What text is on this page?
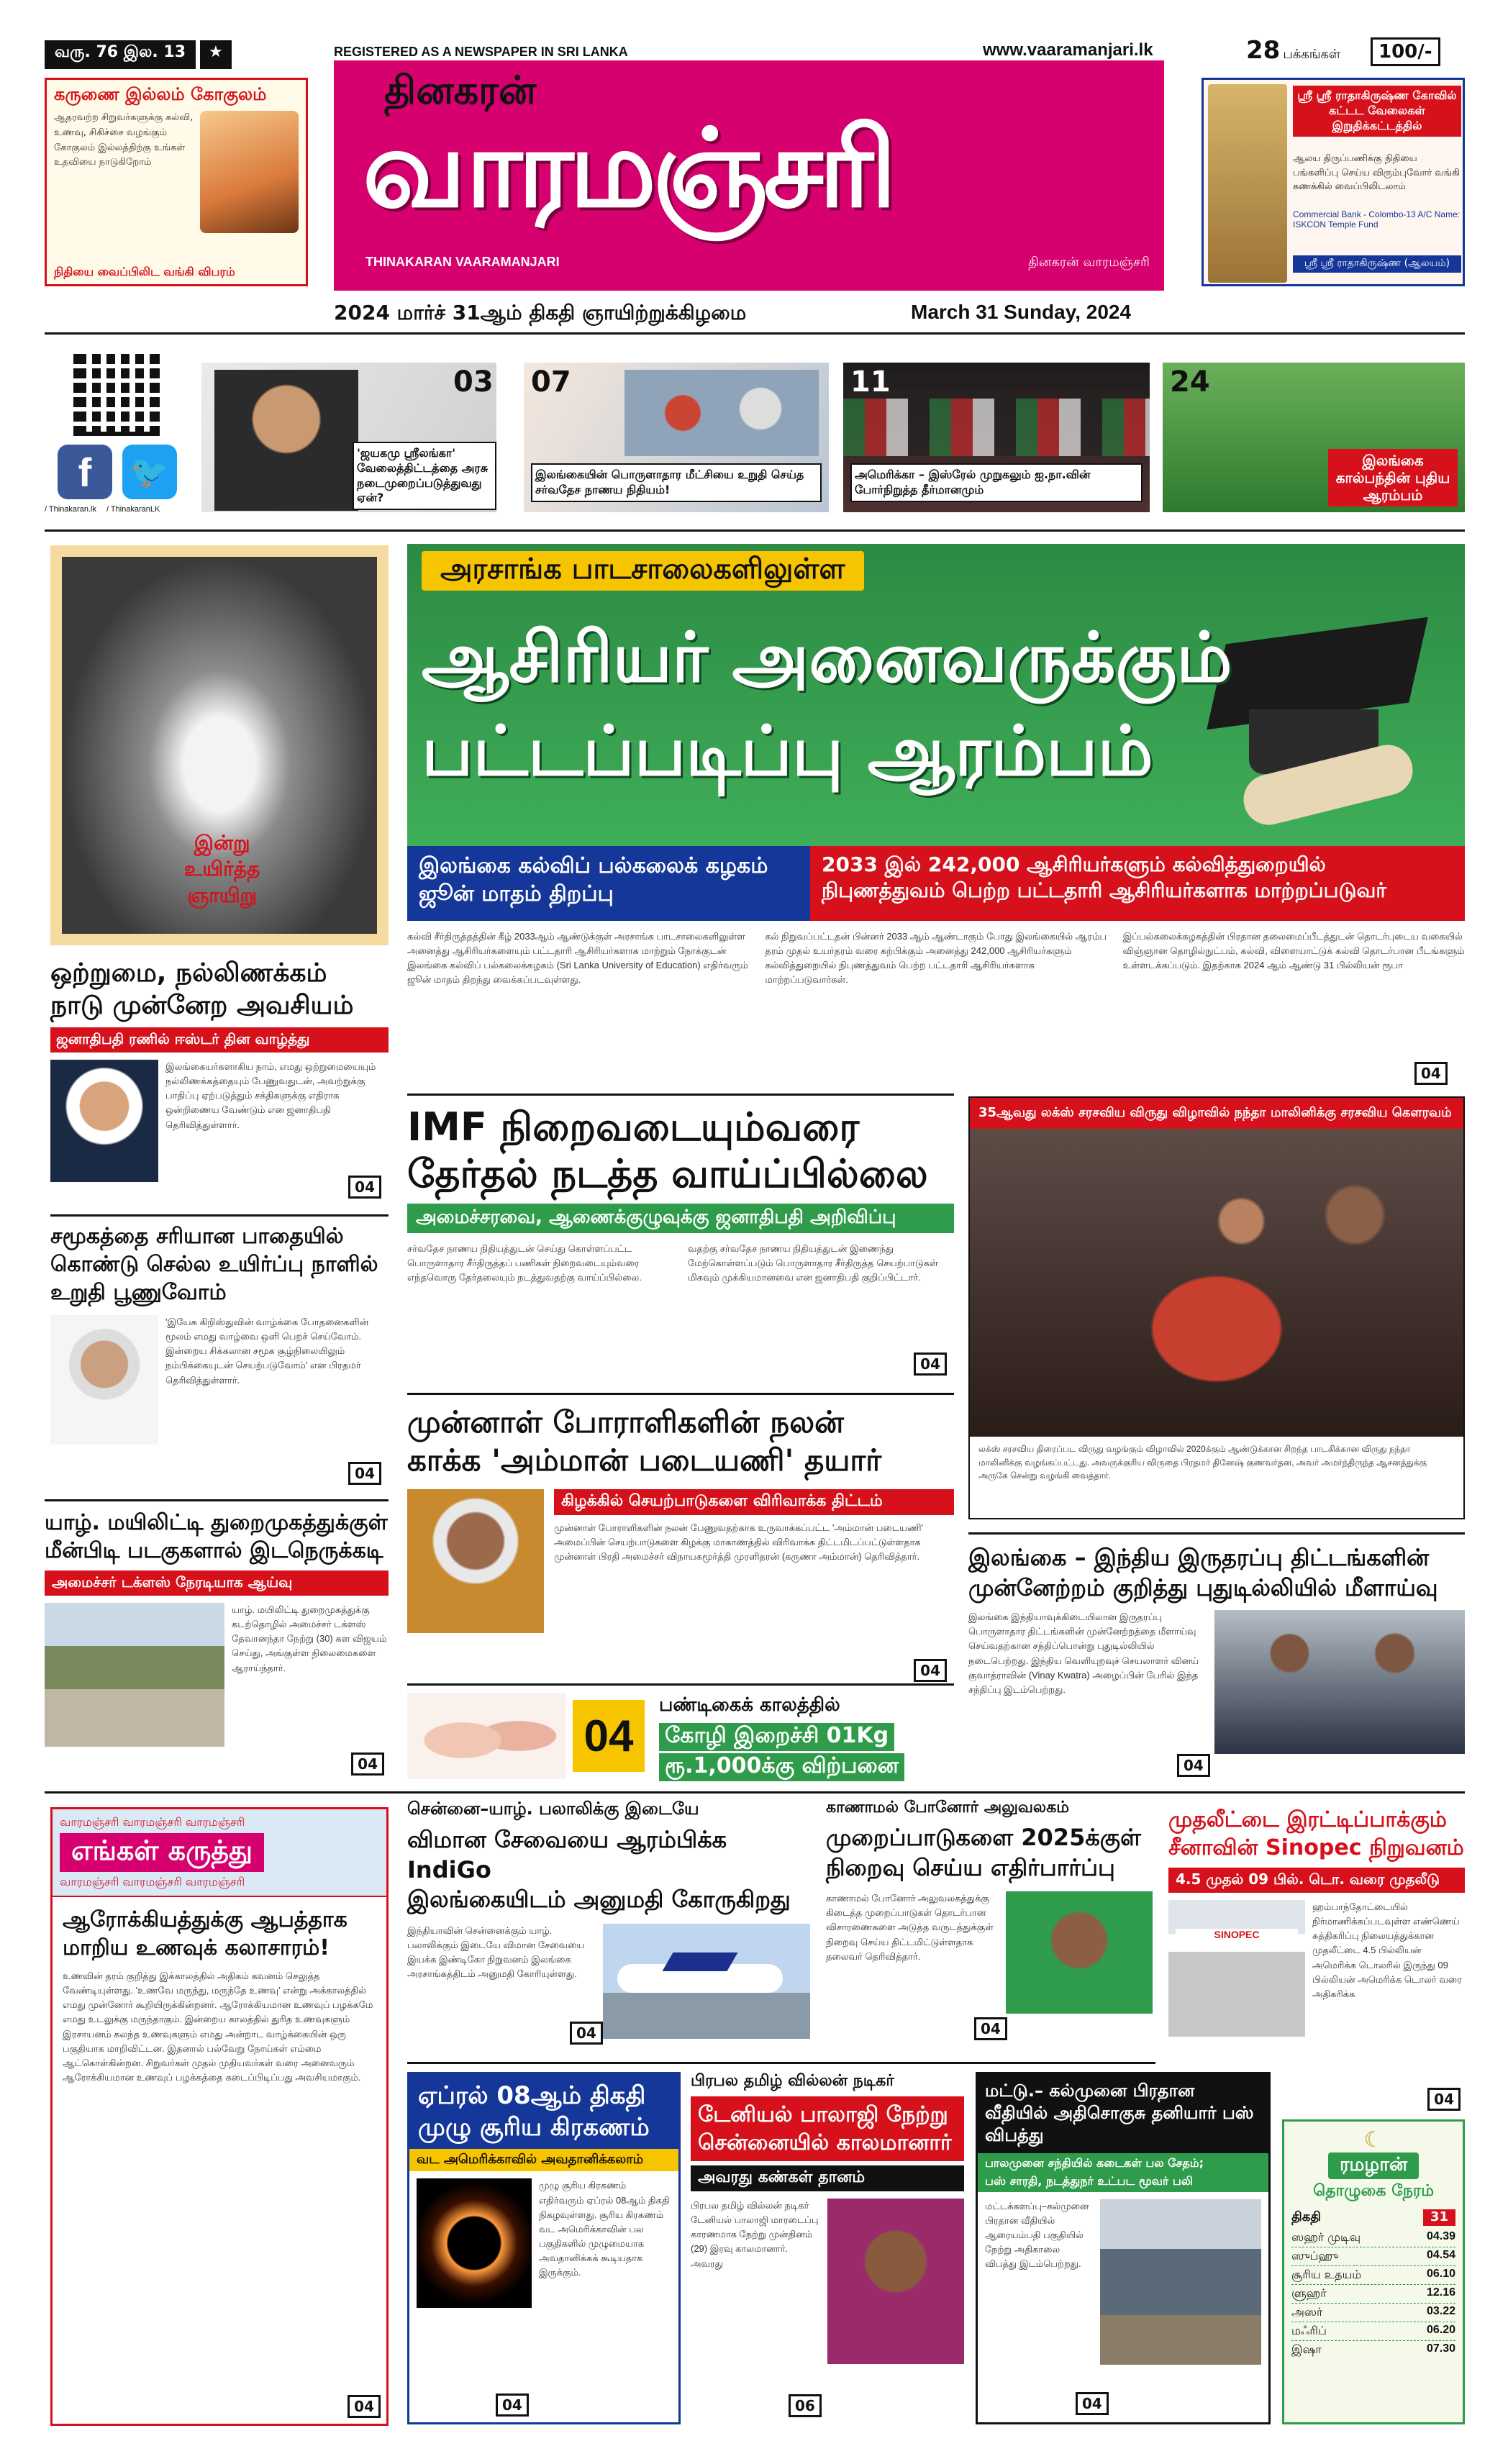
வரு. 76 இல. 13	★	REGISTERED AS A NEWSPAPER IN SRI LANKA	www.vaaramanjari.lk	28 பக்கங்கள்	100/-
கருணை இல்லம் கோகுலம்
ஆதரவற்ற சிறுவர்களுக்கு கல்வி, உணவு, சிகிச்சை வழங்கும் கோகுலம் இல்லத்திற்கு உங்கள் உதவியை நாடுகிறோம்
நிதியை வைப்பிலிட வங்கி விபரம்
தினகரன்
வாரமஞ்சரி
THINAKARAN VAARAMANJARI	தினகரன் வாரமஞ்சரி
ஸ்ரீ ஸ்ரீ ராதாகிருஷ்ண கோவில் கட்டட வேலைகள் இறுதிக்கட்டத்தில்
ஆலய திருப்பணிக்கு நிதியை பங்களிப்பு செய்ய விரும்புவோர் வங்கி கணக்கில் வைப்பிலிடலாம்
Commercial Bank - Colombo-13 A/C Name: ISKCON Temple Fund
ஸ்ரீ ஸ்ரீ ராதாகிருஷ்ண (ஆலயம்)
2024 மார்ச் 31ஆம் திகதி ஞாயிற்றுக்கிழமை	March 31 Sunday, 2024
f	🐦
/ Thinakaran.lk / ThinakaranLK
03
'ஜயகமு ஸ்ரீலங்கா' வேலைத்திட்டத்தை அரசு நடைமுறைப்படுத்துவது ஏன்?
07
இலங்கையின் பொருளாதார மீட்சியை உறுதி செய்த சர்வதேச நாணய நிதியம்!
11
அமெரிக்கா – இஸ்ரேல் முறுகலும் ஐ.நா.வின் போர்நிறுத்த தீர்மானமும்
24
இலங்கை கால்பந்தின் புதிய ஆரம்பம்
இன்று
உயிர்த்த
ஞாயிறு
ஒற்றுமை, நல்லிணக்கம் நாடு முன்னேற அவசியம்
ஜனாதிபதி ரணில் ஈஸ்டர் தின வாழ்த்து
இலங்கையர்களாகிய நாம், எமது ஒற்றுமையையும் நல்லிணக்கத்தையும் பேணுவதுடன், அவற்றுக்கு பாதிப்பு ஏற்படுத்தும் சக்திகளுக்கு எதிராக ஒன்றிணைய வேண்டும் என ஜனாதிபதி தெரிவித்துள்ளார்.
04
சமூகத்தை சரியான பாதையில் கொண்டு செல்ல உயிர்ப்பு நாளில் உறுதி பூணுவோம்
'இயேசு கிறிஸ்துவின் வாழ்க்கை போதனைகளின் மூலம் எமது வாழ்வை ஒளி பெறச் செய்வோம். இன்றைய சிக்கலான சமூக சூழ்நிலையிலும் நம்பிக்கையுடன் செயற்படுவோம்' என பிரதமர் தெரிவித்துள்ளார்.
04
அரசாங்க பாடசாலைகளிலுள்ள
ஆசிரியர் அனைவருக்கும்
பட்டப்படிப்பு ஆரம்பம்
இலங்கை கல்விப் பல்கலைக் கழகம் ஜூன் மாதம் திறப்பு
2033 இல் 242,000 ஆசிரியர்களும் கல்வித்துறையில் நிபுணத்துவம் பெற்ற பட்டதாரி ஆசிரியர்களாக மாற்றப்படுவர்
கல்வி சீர்திருத்தத்தின் கீழ் 2033ஆம் ஆண்டுக்குள் அரசாங்க பாடசாலைகளிலுள்ள அனைத்து ஆசிரியர்களையும் பட்டதாரி ஆசிரியர்களாக மாற்றும் நோக்குடன் இலங்கை கல்விப் பல்கலைக்கழகம் (Sri Lanka University of Education) எதிர்வரும் ஜூன் மாதம் திறந்து வைக்கப்படவுள்ளது.
கல் நிறுவப்பட்டதன் பின்னர் 2033 ஆம் ஆண்டாகும் போது இலங்கையில் ஆரம்ப தரம் முதல் உயர்தரம் வரை கற்பிக்கும் அனைத்து 242,000 ஆசிரியர்களும் கல்வித்துறையில் நிபுணத்துவம் பெற்ற பட்டதாரி ஆசிரியர்களாக மாற்றப்படுவார்கள்.
இப்பல்கலைக்கழகத்தின் பிரதான தலைமைப்பீடத்துடன் தொடர்புடைய வகையில் விஞ்ஞான தொழில்நுட்பம், கல்வி, விளையாட்டுக் கல்வி தொடர்பான பீடங்களும் உள்ளடக்கப்படும். இதற்காக 2024 ஆம் ஆண்டு 31 பில்லியன் ரூபா
04
IMF நிறைவடையும்வரை
தேர்தல் நடத்த வாய்ப்பில்லை
அமைச்சரவை, ஆணைக்குழுவுக்கு ஜனாதிபதி அறிவிப்பு
சர்வதேச நாணய நிதியத்துடன் செய்து கொள்ளப்பட்ட பொருளாதார சீர்திருத்தப் பணிகள் நிறைவடையும்வரை எந்தவொரு தேர்தலையும் நடத்துவதற்கு வாய்ப்பில்லை.
வதற்கு சர்வதேச நாணய நிதியத்துடன் இணைந்து மேற்கொள்ளப்படும் பொருளாதார சீர்திருத்த செயற்பாடுகள் மிகவும் முக்கியமானவை என ஜனாதிபதி குறிப்பிட்டார்.
04
35ஆவது லக்ஸ் சரசவிய விருது விழாவில் நந்தா மாலினிக்கு சரசவிய கௌரவம்
லக்ஸ் சரசவிய திரைப்பட விருது வழங்கும் விழாவில் 2020க்கும் ஆண்டுக்கான சிறந்த பாடகிக்கான விருது நந்தா மாலினிக்கு வழங்கப்பட்டது. அவருக்குரிய விருதை பிரதமர் தினேஷ் குணவர்தன, அவர் அமர்ந்திருந்த ஆசனத்துக்கு அருகே சென்று வழங்கி வைத்தார்.
முன்னாள் போராளிகளின் நலன்
காக்க 'அம்மான் படையணி' தயார்
கிழக்கில் செயற்பாடுகளை விரிவாக்க திட்டம்
முன்னாள் போராளிகளின் நலன் பேணுவதற்காக உருவாக்கப்பட்ட 'அம்மான் படையணி' அமைப்பின் செயற்பாடுகளை கிழக்கு மாகாணத்தில் விரிவாக்க திட்டமிடப்பட்டுள்ளதாக முன்னாள் பிரதி அமைச்சர் விநாயகமூர்த்தி முரளிதரன் (கருணா அம்மான்) தெரிவித்தார்.
04
04
பண்டிகைக் காலத்தில்
கோழி இறைச்சி 01Kg
ரூ.1,000க்கு விற்பனை
யாழ். மயிலிட்டி துறைமுகத்துக்குள் மீன்பிடி படகுகளால் இடநெருக்கடி
அமைச்சர் டக்ளஸ் நேரடியாக ஆய்வு
யாழ். மயிலிட்டி துறைமுகத்துக்கு கடற்தொழில் அமைச்சர் டக்ளஸ் தேவானந்தா நேற்று (30) கள விஜயம் செய்து, அங்குள்ள நிலைமைகளை ஆராய்ந்தார்.
04
இலங்கை – இந்திய இருதரப்பு திட்டங்களின்
முன்னேற்றம் குறித்து புதுடில்லியில் மீளாய்வு
இலங்கை இந்தியாவுக்கிடையிலான இருதரப்பு பொருளாதார திட்டங்களின் முன்னேற்றத்தை மீளாய்வு செய்வதற்கான சந்திப்பொன்று புதுடில்லியில் நடைபெற்றது. இந்திய வெளியுறவுச் செயலாளர் வினய் குவாத்ராவின் (Vinay Kwatra) அழைப்பின் பேரில் இந்த சந்திப்பு இடம்பெற்றது.
04
வாரமஞ்சரி வாரமஞ்சரி வாரமஞ்சரி
எங்கள் கருத்து
வாரமஞ்சரி வாரமஞ்சரி வாரமஞ்சரி
ஆரோக்கியத்துக்கு ஆபத்தாக மாறிய உணவுக் கலாசாரம்!
உணவின் தரம் குறித்து இக்காலத்தில் அதிகம் கவனம் செலுத்த வேண்டியுள்ளது. 'உணவே மருந்து, மருந்தே உணவு' என்று அக்காலத்தில் எமது முன்னோர் கூறியிருக்கின்றனர். ஆரோக்கியமான உணவுப் பழக்கமே எமது உடலுக்கு மருந்தாகும். இன்றைய காலத்தில் துரித உணவுகளும் இரசாயனம் கலந்த உணவுகளும் எமது அன்றாட வாழ்க்கையின் ஒரு பகுதியாக மாறிவிட்டன. இதனால் பல்வேறு நோய்கள் எம்மை ஆட்கொள்கின்றன. சிறுவர்கள் முதல் முதியவர்கள் வரை அனைவரும் ஆரோக்கியமான உணவுப் பழக்கத்தை கடைப்பிடிப்பது அவசியமாகும்.
04
சென்னை–யாழ். பலாலிக்கு இடையே
விமான சேவையை ஆரம்பிக்க IndiGo
இலங்கையிடம் அனுமதி கோருகிறது
இந்தியாவின் சென்னைக்கும் யாழ். பலாலிக்கும் இடையே விமான சேவையை இயக்க இண்டிகோ நிறுவனம் இலங்கை அரசாங்கத்திடம் அனுமதி கோரியுள்ளது.
04
காணாமல் போனோர் அலுவலகம்
முறைப்பாடுகளை 2025க்குள்
நிறைவு செய்ய எதிர்பார்ப்பு
காணாமல் போனோர் அலுவலகத்துக்கு கிடைத்த முறைப்பாடுகள் தொடர்பான விசாரணைகளை அடுத்த வருடத்துக்குள் நிறைவு செய்ய திட்டமிட்டுள்ளதாக தலைவர் தெரிவித்தார்.
04
முதலீட்டை இரட்டிப்பாக்கும்
சீனாவின் Sinopec நிறுவனம்
4.5 முதல் 09 பில். டொ. வரை முதலீடு
SINOPEC
ஹம்பாந்தோட்டையில் நிர்மாணிக்கப்படவுள்ள எண்ணெய் சுத்திகரிப்பு நிலையத்துக்கான முதலீட்டை 4.5 பில்லியன் அமெரிக்க டொலரில் இருந்து 09 பில்லியன் அமெரிக்க டொலர் வரை அதிகரிக்க
04
ஏப்ரல் 08ஆம் திகதி
முழு சூரிய கிரகணம்
வட அமெரிக்காவில் அவதானிக்கலாம்
முழு சூரிய கிரகணம் எதிர்வரும் ஏப்ரல் 08ஆம் திகதி நிகழவுள்ளது. சூரிய கிரகணம் வட அமெரிக்காவின் பல பகுதிகளில் முழுமையாக அவதானிக்கக் கூடியதாக இருக்கும்.
04
பிரபல தமிழ் வில்லன் நடிகர்
டேனியல் பாலாஜி நேற்று
சென்னையில் காலமானார்
அவரது கண்கள் தானம்
பிரபல தமிழ் வில்லன் நடிகர் டேனியல் பாலாஜி மாரடைப்பு காரணமாக நேற்று முன்தினம் (29) இரவு காலமானார். அவரது
06
மட்டு.– கல்முனை பிரதான வீதியில் அதிசொகுசு தனியார் பஸ் விபத்து
பாலமுனை சந்தியில் கடைகள் பல சேதம்;
பஸ் சாரதி, நடத்துநர் உட்பட மூவர் பலி
மட்டக்களப்பு–கல்முனை பிரதான வீதியில் ஆரையம்பதி பகுதியில் நேற்று அதிகாலை விபத்து இடம்பெற்றது.
04
☾
ரமழான்
தொழுகை நேரம்
திகதி	31
ஸஹர் முடிவு	04.39
ஸுப்ஹு	04.54
சூரிய உதயம்	06.10
ளுஹர்	12.16
அஸர்	03.22
மஃரிப்	06.20
இஷா	07.30
